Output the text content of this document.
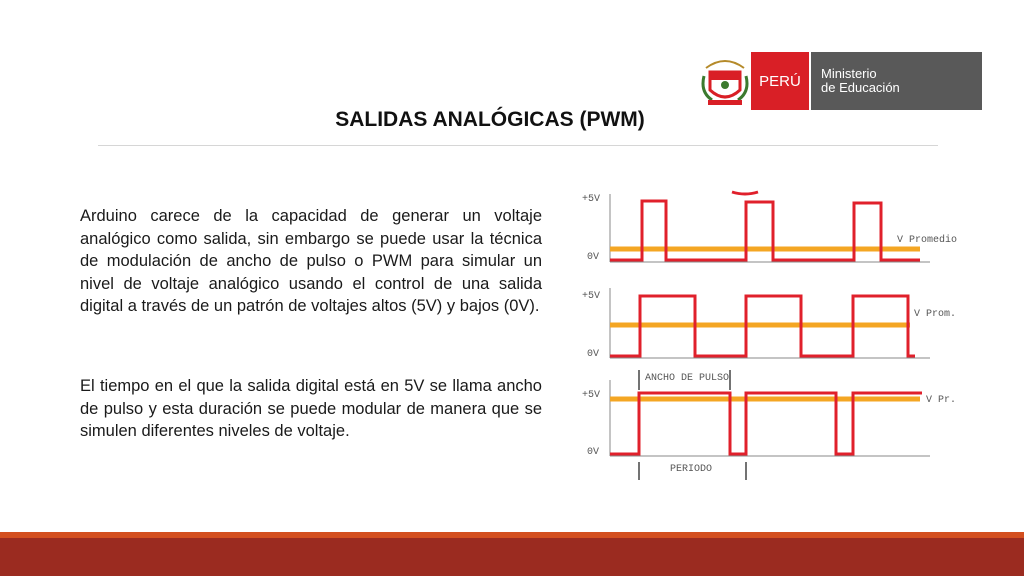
PERÚ	Ministerio
de Educación
SALIDAS ANALÓGICAS (PWM)

Arduino carece de la capacidad de generar un voltaje analógico como salida, sin embargo se puede usar la técnica de modulación de ancho de pulso o PWM para simular un nivel de voltaje analógico usando el control de una salida digital a través de un patrón de voltajes altos (5V) y bajos (0V).

El tiempo en el que la salida digital está en 5V se llama ancho de pulso y esta duración se puede modular de manera que se simulen diferentes niveles de voltaje.

+5V
0V
V Promedio
+5V
0V
V Prom.
ANCHO DE PULSO
+5V
0V
PERIODO
V Pr.
